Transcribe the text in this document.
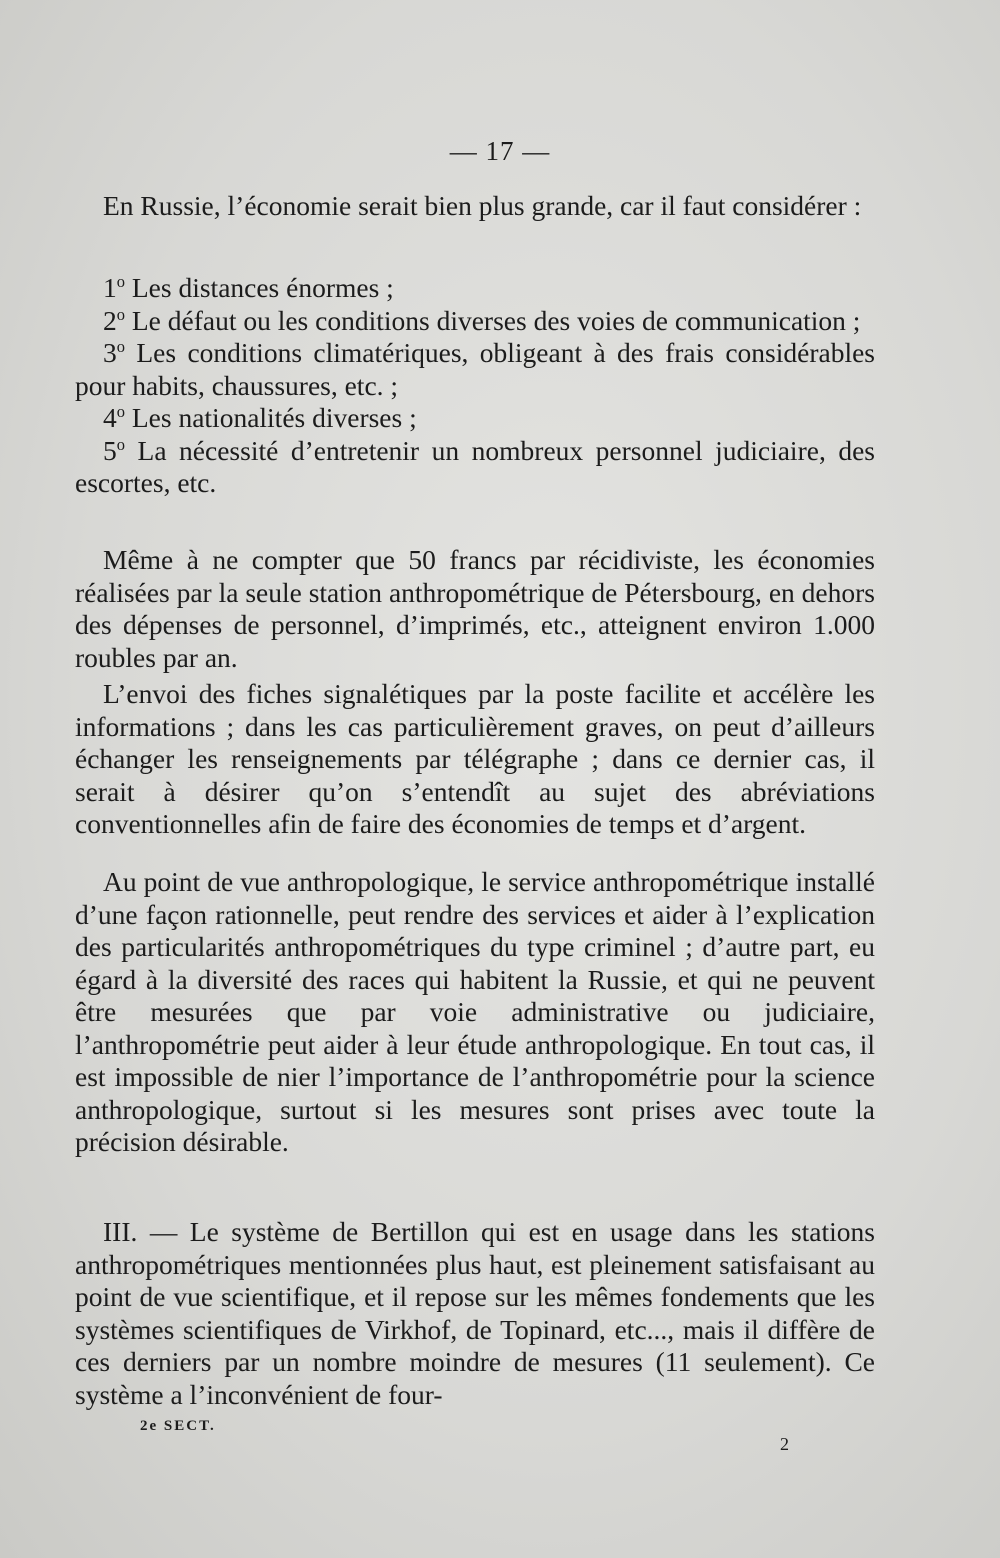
— 17 —

En Russie, l’économie serait bien plus grande, car il faut considérer :

1$^o$ Les distances énormes ;

2$^o$ Le défaut ou les conditions diverses des voies de communication ;

3$^o$ Les conditions climatériques, obligeant à des frais considérables pour habits, chaussures, etc. ;

4$^o$ Les nationalités diverses ;

5$^o$ La nécessité d’entretenir un nombreux personnel judiciaire, des escortes, etc.

Même à ne compter que 50 francs par récidiviste, les économies réalisées par la seule station anthropométrique de Pétersbourg, en dehors des dépenses de personnel, d’imprimés, etc., atteignent environ 1.000 roubles par an.

L’envoi des fiches signalétiques par la poste facilite et accélère les informations ; dans les cas particulièrement graves, on peut d’ailleurs échanger les renseignements par télégraphe ; dans ce dernier cas, il serait à désirer qu’on s’entendît au sujet des abréviations conventionnelles afin de faire des économies de temps et d’argent.

Au point de vue anthropologique, le service anthropométrique installé d’une façon rationnelle, peut rendre des services et aider à l’explication des particularités anthropométriques du type criminel ; d’autre part, eu égard à la diversité des races qui habitent la Russie, et qui ne peuvent être mesurées que par voie administrative ou judiciaire, l’anthropométrie peut aider à leur étude anthropologique. En tout cas, il est impossible de nier l’importance de l’anthropométrie pour la science anthropologique, surtout si les mesures sont prises avec toute la précision désirable.

III. — Le système de Bertillon qui est en usage dans les stations anthropométriques mentionnées plus haut, est pleinement satisfaisant au point de vue scientifique, et il repose sur les mêmes fondements que les systèmes scientifiques de Virkhof, de Topinard, etc..., mais il diffère de ces derniers par un nombre moindre de mesures (11 seulement). Ce système a l’inconvénient de four-

2e SECT.
2
